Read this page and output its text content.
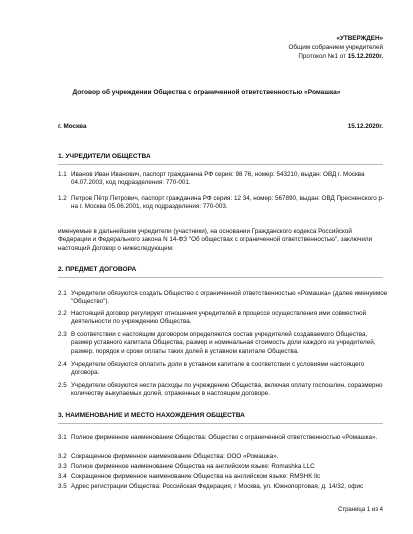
«УТВЕРЖДЕН»
Общим собранием учредителей
Протокол №1 от 15.12.2020г.
Договор об учреждении Общества с ограниченной ответственностью «Ромашка»
г. Москва	15.12.2020г.
1. УЧРЕДИТЕЛИ ОБЩЕСТВА
1.1 Иванов Иван Иванович, паспорт гражданина РФ серия: 98 76, номер: 543210, выдан: ОВД г. Москва 04.07.2003, код подразделения: 770-001.
1.2 Петров Пётр Петрович, паспорт гражданина РФ серия: 12 34, номер: 567890, выдан: ОВД Пресненского р-на г. Москва 05.06.2001, код подразделения: 770-003.
именуемые в дальнейшем учредители (участники), на основании Гражданского кодекса Российской Федерации и Федерального закона N 14-ФЗ "Об обществах с ограниченной ответственностью", заключили настоящий Договор о нижеследующем:
2. ПРЕДМЕТ ДОГОВОРА
2.1 Учредители обязуются создать Общество с ограниченной ответственностью «Ромашка» (далее именуемое "Общество").
2.2 Настоящий договор регулирует отношения учредителей в процессе осуществления ими совместной деятельности по учреждению Общества.
2.3 В соответствии с настоящим договором определяются состав учредителей создаваемого Общества, размер уставного капитала Общества, размер и номинальная стоимость доли каждого из учредителей, размер, порядок и сроки оплаты таких долей в уставном капитале Общества.
2.4 Учредители обязуются оплатить доли в уставном капитале в соответствии с условиями настоящего договора.
2.5 Учредители обязуются нести расходы по учреждению Общества, включая оплату госпошлин, соразмерно количеству выкупаемых долей, отраженных в настоящем договоре.
3. НАИМЕНОВАНИЕ И МЕСТО НАХОЖДЕНИЯ ОБЩЕСТВА
3.1 Полное фирменное наименование Общества: Общество с ограниченной ответственностью «Ромашка».
3.2 Сокращенное фирменное наименование Общества: ООО «Ромашка».
3.3 Полное фирменное наименование Общества на английском языке: Romashka LLC
3.4 Сокращенное фирменное наименование Общества на английском языке: RMSHK llc
3.5 Адрес регистрации Общества: Российская Федерация, г Москва, ул. Южнопортовая, д. 14/32, офис
Страница 1 из 4
